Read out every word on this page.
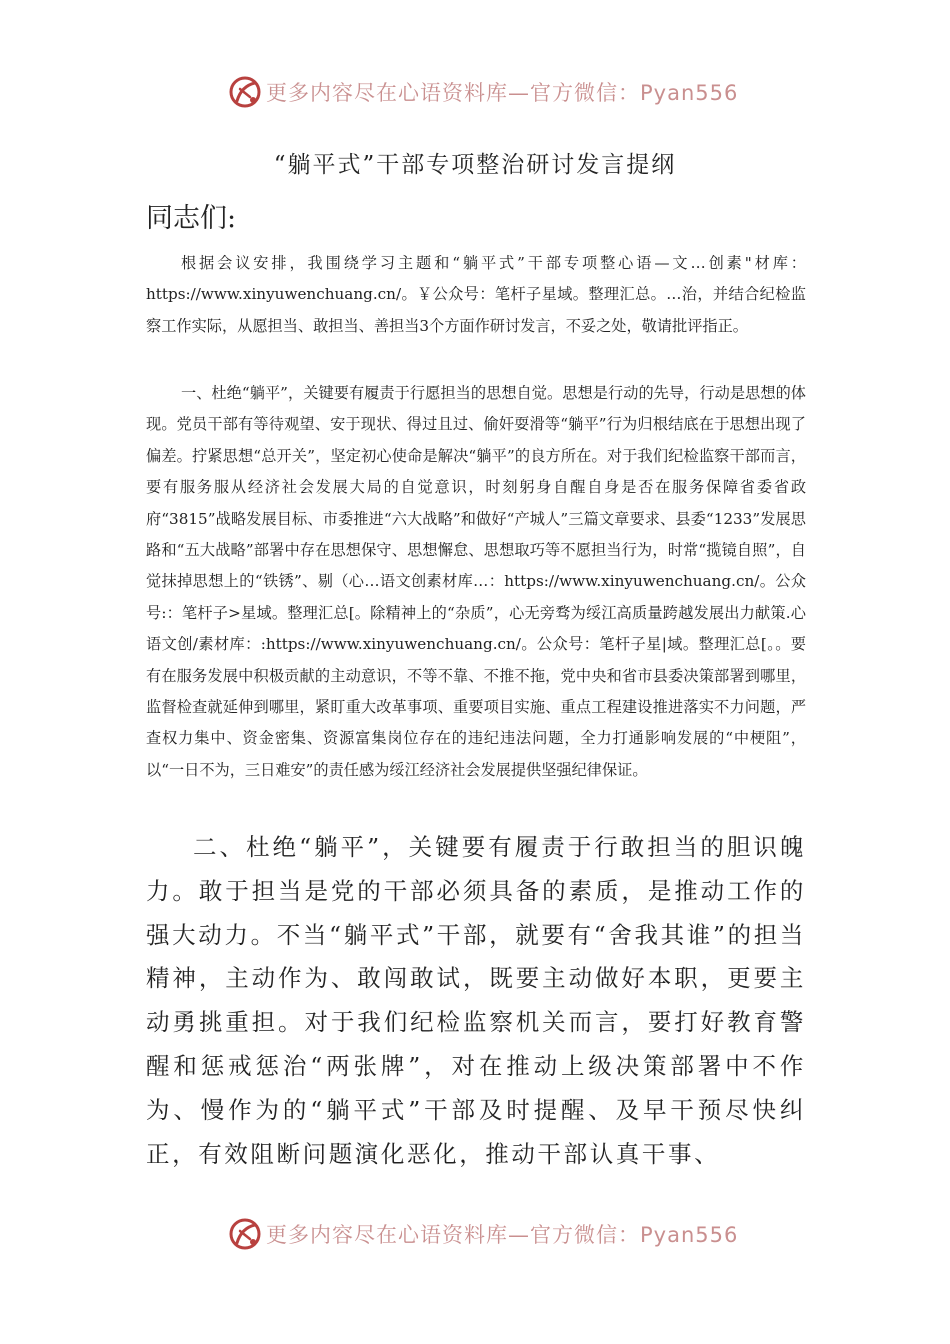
更多内容尽在心语资料库—官方微信：Pyan556
“躺平式”干部专项整治研讨发言提纲
同志们:

根据会议安排，我围绕学习主题和“躺平式”干部专项整心语—文…创素"材库：https://www.xinyuwenchuang.cn/。￥公众号：笔杆子星域。整理汇总。…治，并结合纪检监察工作实际，从愿担当、敢担当、善担当3个方面作研讨发言，不妥之处，敬请批评指正。

一、杜绝“躺平”，关键要有履责于行愿担当的思想自觉。思想是行动的先导，行动是思想的体现。党员干部有等待观望、安于现状、得过且过、偷奸耍滑等“躺平”行为归根结底在于思想出现了偏差。拧紧思想“总开关”，坚定初心使命是解决“躺平”的良方所在。对于我们纪检监察干部而言，要有服务服从经济社会发展大局的自觉意识，时刻躬身自醒自身是否在服务保障省委省政府“3815”战略发展目标、市委推进“六大战略”和做好“产城人”三篇文章要求、县委“1233”发展思路和“五大战略”部署中存在思想保守、思想懈怠、思想取巧等不愿担当行为，时常“揽镜自照”，自觉抹掉思想上的“铁锈”、剔（心…语文创素材库…：https://www.xinyuwenchuang.cn/。公众号:：笔杆子>星域。整理汇总[。除精神上的“杂质”，心无旁骛为绥江高质量跨越发展出力献策.心语文创/素材库：:https://www.xinyuwenchuang.cn/。公众号：笔杆子星|域。整理汇总[。。要有在服务发展中积极贡献的主动意识，不等不靠、不推不拖，党中央和省市县委决策部署到哪里，监督检查就延伸到哪里，紧盯重大改革事项、重要项目实施、重点工程建设推进落实不力问题，严查权力集中、资金密集、资源富集岗位存在的违纪违法问题，全力打通影响发展的“中梗阻”，以“一日不为，三日难安”的责任感为绥江经济社会发展提供坚强纪律保证。

二、杜绝“躺平”，关键要有履责于行敢担当的胆识魄力。敢于担当是党的干部必须具备的素质，是推动工作的强大动力。不当“躺平式”干部，就要有“舍我其谁”的担当精神，主动作为、敢闯敢试，既要主动做好本职，更要主动勇挑重担。对于我们纪检监察机关而言，要打好教育警醒和惩戒惩治“两张牌”，对在推动上级决策部署中不作为、慢作为的“躺平式”干部及时提醒、及早干预尽快纠正，有效阻断问题演化恶化，推动干部认真干事、

更多内容尽在心语资料库—官方微信：Pyan556
